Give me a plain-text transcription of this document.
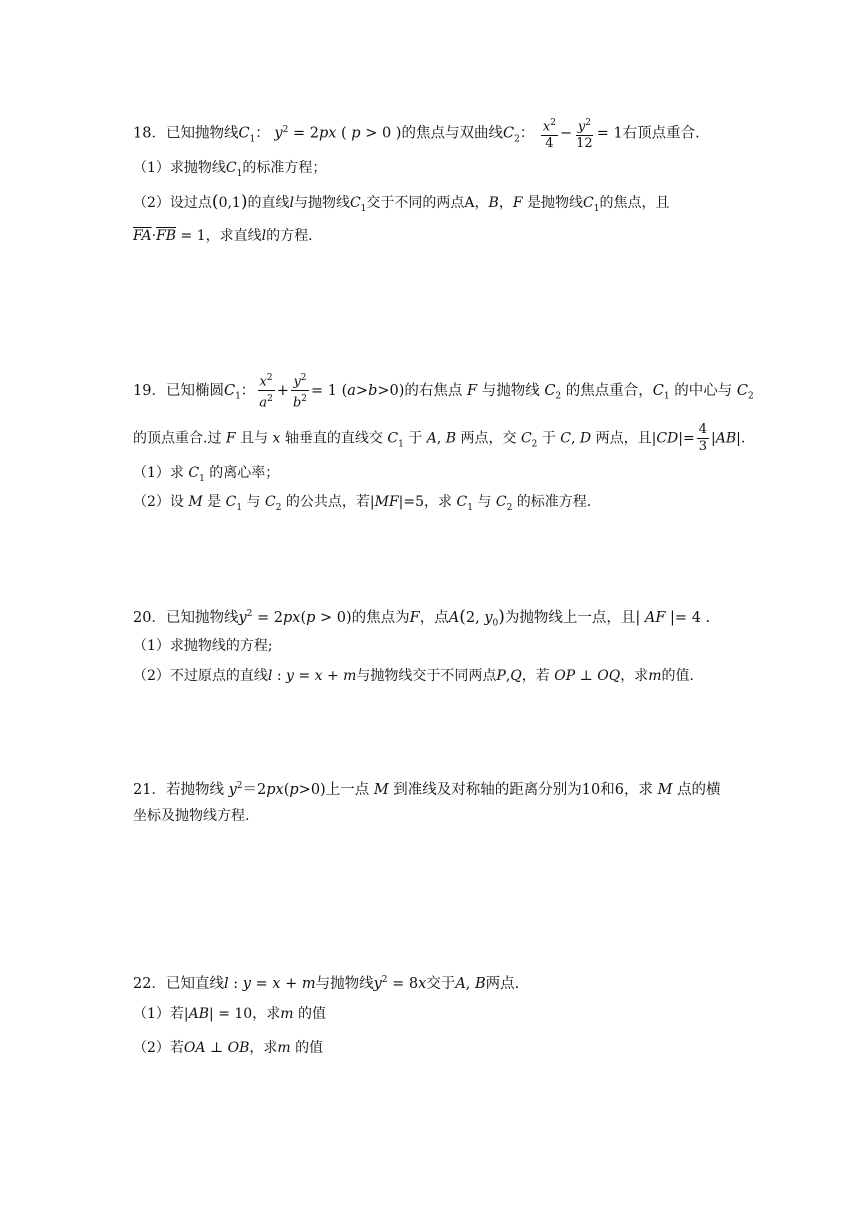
18．已知抛物线$C_1$： $y^2 = 2px$ ( p > 0 )的焦点与双曲线$C_2$： $\frac{x^2}{4} - \frac{y^2}{12} = 1$右顶点重合.
（1）求抛物线$C_1$的标准方程；
（2）设过点(0,1)的直线l与抛物线$C_1$交于不同的两点A，B，F 是抛物线$C_1$的焦点，且
$\overline{FA}\cdot\overline{FB} = 1$，求直线l的方程.
19．已知椭圆$C_1$： $\frac{x^2}{a^2} + \frac{y^2}{b^2} = 1$ (a>b>0)的右焦点 F 与抛物线 $C_2$ 的焦点重合，$C_1$ 的中心与 $C_2$
的顶点重合.过 F 且与 x 轴垂直的直线交 $C_1$ 于 A, B 两点，交 $C_2$ 于 C, D 两点，且$|CD|= \frac{4}{3} |AB|$.
（1）求 $C_1$ 的离心率；
（2）设 M 是 $C_1$ 与 $C_2$ 的公共点，若|MF|=5，求 $C_1$ 与 $C_2$ 的标准方程.
20．已知抛物线$y^2 = 2px(p > 0)$的焦点为F，点A(2, $y_0$)为抛物线上一点，且| AF |= 4 .
（1）求抛物线的方程;
（2）不过原点的直线l : y = x + m与抛物线交于不同两点P,Q，若 OP ⊥ OQ，求m的值.
21．若抛物线 $y^2=2px(p>0)$上一点 M 到准线及对称轴的距离分别为10和6，求 M 点的横
坐标及抛物线方程.
22．已知直线l : y = x + m与抛物线$y^2 = 8x$交于A, B两点.
（1）若|AB| = 10，求m 的值
（2）若OA ⊥ OB，求m 的值
